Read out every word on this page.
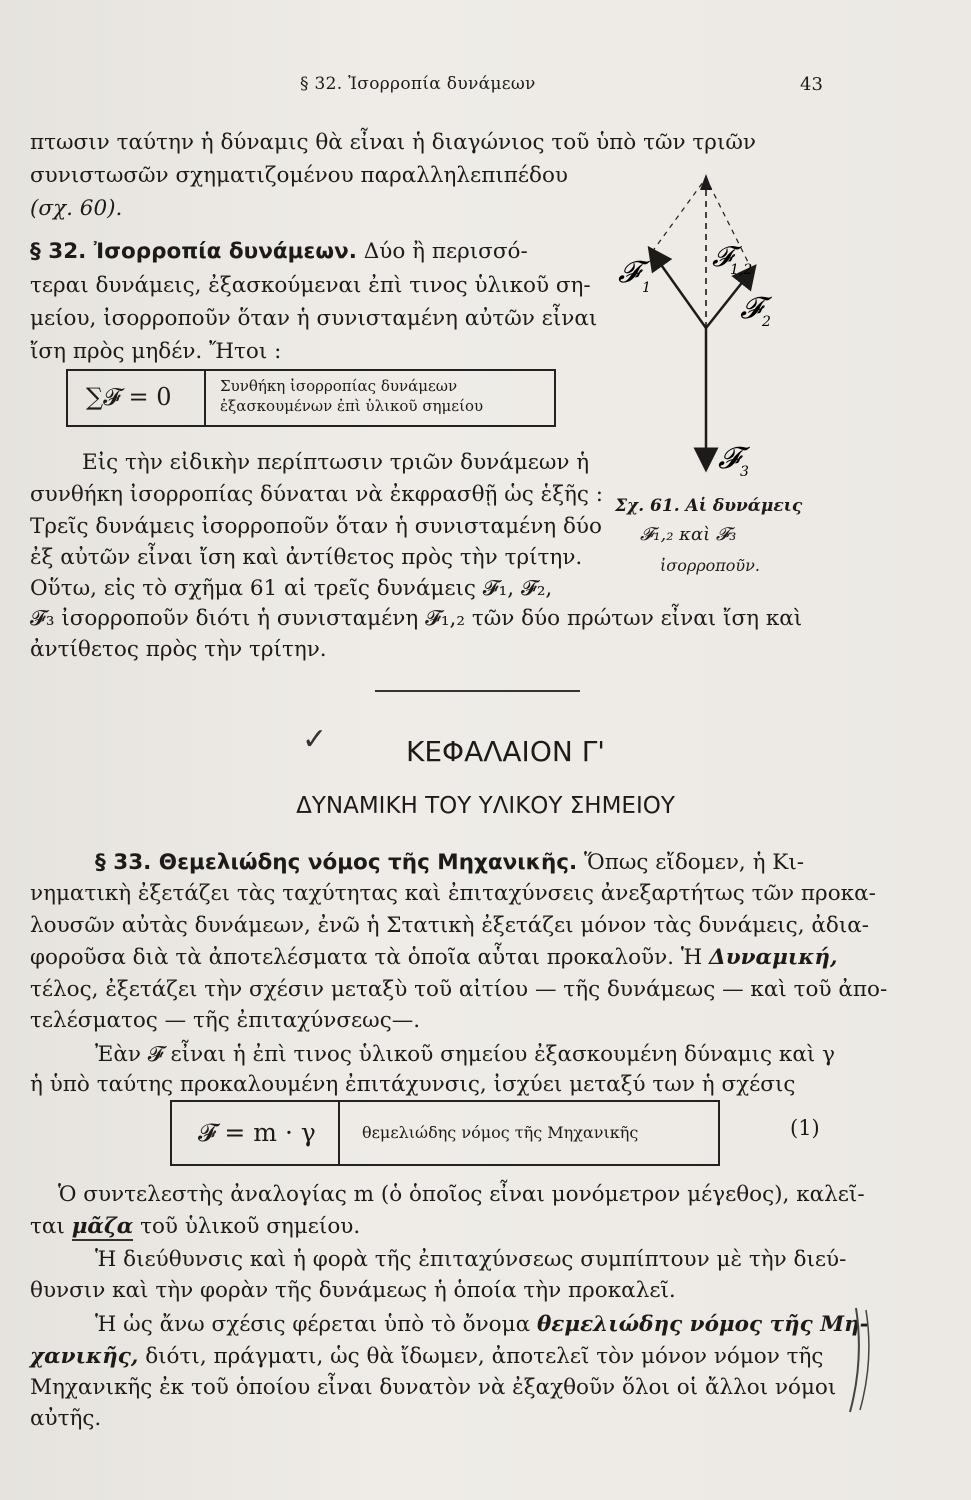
§ 32. Ἰσορροπία δυνάμεων	43
πτωσιν ταύτην ἡ δύναμις θὰ εἶναι ἡ διαγώνιος τοῦ ὑπὸ τῶν τριῶν
συνιστωσῶν σχηματιζομένου παραλληλεπιπέδου
(σχ. 60).
§ 32. Ἰσορροπία δυνάμεων. Δύο ἢ περισσό-
τεραι δυνάμεις, ἐξασκούμεναι ἐπὶ τινος ὑλικοῦ ση-
μείου, ἰσορροποῦν ὅταν ἡ συνισταμένη αὐτῶν εἶναι
ἴση πρὸς μηδέν. Ἤτοι :
∑𝓕 = 0	Συνθήκη ἰσορροπίας δυνάμεων
ἐξασκουμένων ἐπὶ ὑλικοῦ σημείου
Εἰς τὴν εἰδικὴν περίπτωσιν τριῶν δυνάμεων ἡ
συνθήκη ἰσορροπίας δύναται νὰ ἐκφρασθῇ ὡς ἑξῆς :
Τρεῖς δυνάμεις ἰσορροποῦν ὅταν ἡ συνισταμένη δύο
ἐξ αὐτῶν εἶναι ἴση καὶ ἀντίθετος πρὸς τὴν τρίτην.
Οὕτω, εἰς τὸ σχῆμα 61 αἱ τρεῖς δυνάμεις 𝓕₁, 𝓕₂,
𝓕₃ ἰσορροποῦν διότι ἡ συνισταμένη 𝓕₁,₂ τῶν δύο πρώτων εἶναι ἴση καὶ
ἀντίθετος πρὸς τὴν τρίτην.
𝓕 1
𝓕
1,2
𝓕 2
𝓕 3
Σχ. 61. Αἱ δυνάμεις
𝓕₁,₂ καὶ 𝓕₃
ἰσορροποῦν.
✓	ΚΕΦΑΛΑΙΟΝ Γ'
ΔΥΝΑΜΙΚΗ ΤΟΥ ΥΛΙΚΟΥ ΣΗΜΕΙΟΥ
§ 33. Θεμελιώδης νόμος τῆς Μηχανικῆς. Ὅπως εἴδομεν, ἡ Κι-
νηματικὴ ἐξετάζει τὰς ταχύτητας καὶ ἐπιταχύνσεις ἀνεξαρτήτως τῶν προκα-
λουσῶν αὐτὰς δυνάμεων, ἐνῶ ἡ Στατικὴ ἐξετάζει μόνον τὰς δυνάμεις, ἀδια-
φοροῦσα διὰ τὰ ἀποτελέσματα τὰ ὁποῖα αὗται προκαλοῦν. Ἡ Δυναμική,
τέλος, ἐξετάζει τὴν σχέσιν μεταξὺ τοῦ αἰτίου — τῆς δυνάμεως — καὶ τοῦ ἀπο-
τελέσματος — τῆς ἐπιταχύνσεως—.
Ἐὰν 𝓕 εἶναι ἡ ἐπὶ τινος ὑλικοῦ σημείου ἐξασκουμένη δύναμις καὶ γ
ἡ ὑπὸ ταύτης προκαλουμένη ἐπιτάχυνσις, ἰσχύει μεταξύ των ἡ σχέσις
𝓕 = m · γ	θεμελιώδης νόμος τῆς Μηχανικῆς	(1)
Ὁ συντελεστὴς ἀναλογίας m (ὁ ὁποῖος εἶναι μονόμετρον μέγεθος), καλεῖ-
ται μᾶζα τοῦ ὑλικοῦ σημείου.
Ἡ διεύθυνσις καὶ ἡ φορὰ τῆς ἐπιταχύνσεως συμπίπτουν μὲ τὴν διεύ-
θυνσιν καὶ τὴν φορὰν τῆς δυνάμεως ἡ ὁποία τὴν προκαλεῖ.
Ἡ ὡς ἄνω σχέσις φέρεται ὑπὸ τὸ ὄνομα θεμελιώδης νόμος τῆς Μη-
χανικῆς, διότι, πράγματι, ὡς θὰ ἴδωμεν, ἀποτελεῖ τὸν μόνον νόμον τῆς
Μηχανικῆς ἐκ τοῦ ὁποίου εἶναι δυνατὸν νὰ ἐξαχθοῦν ὅλοι οἱ ἄλλοι νόμοι
αὐτῆς.
